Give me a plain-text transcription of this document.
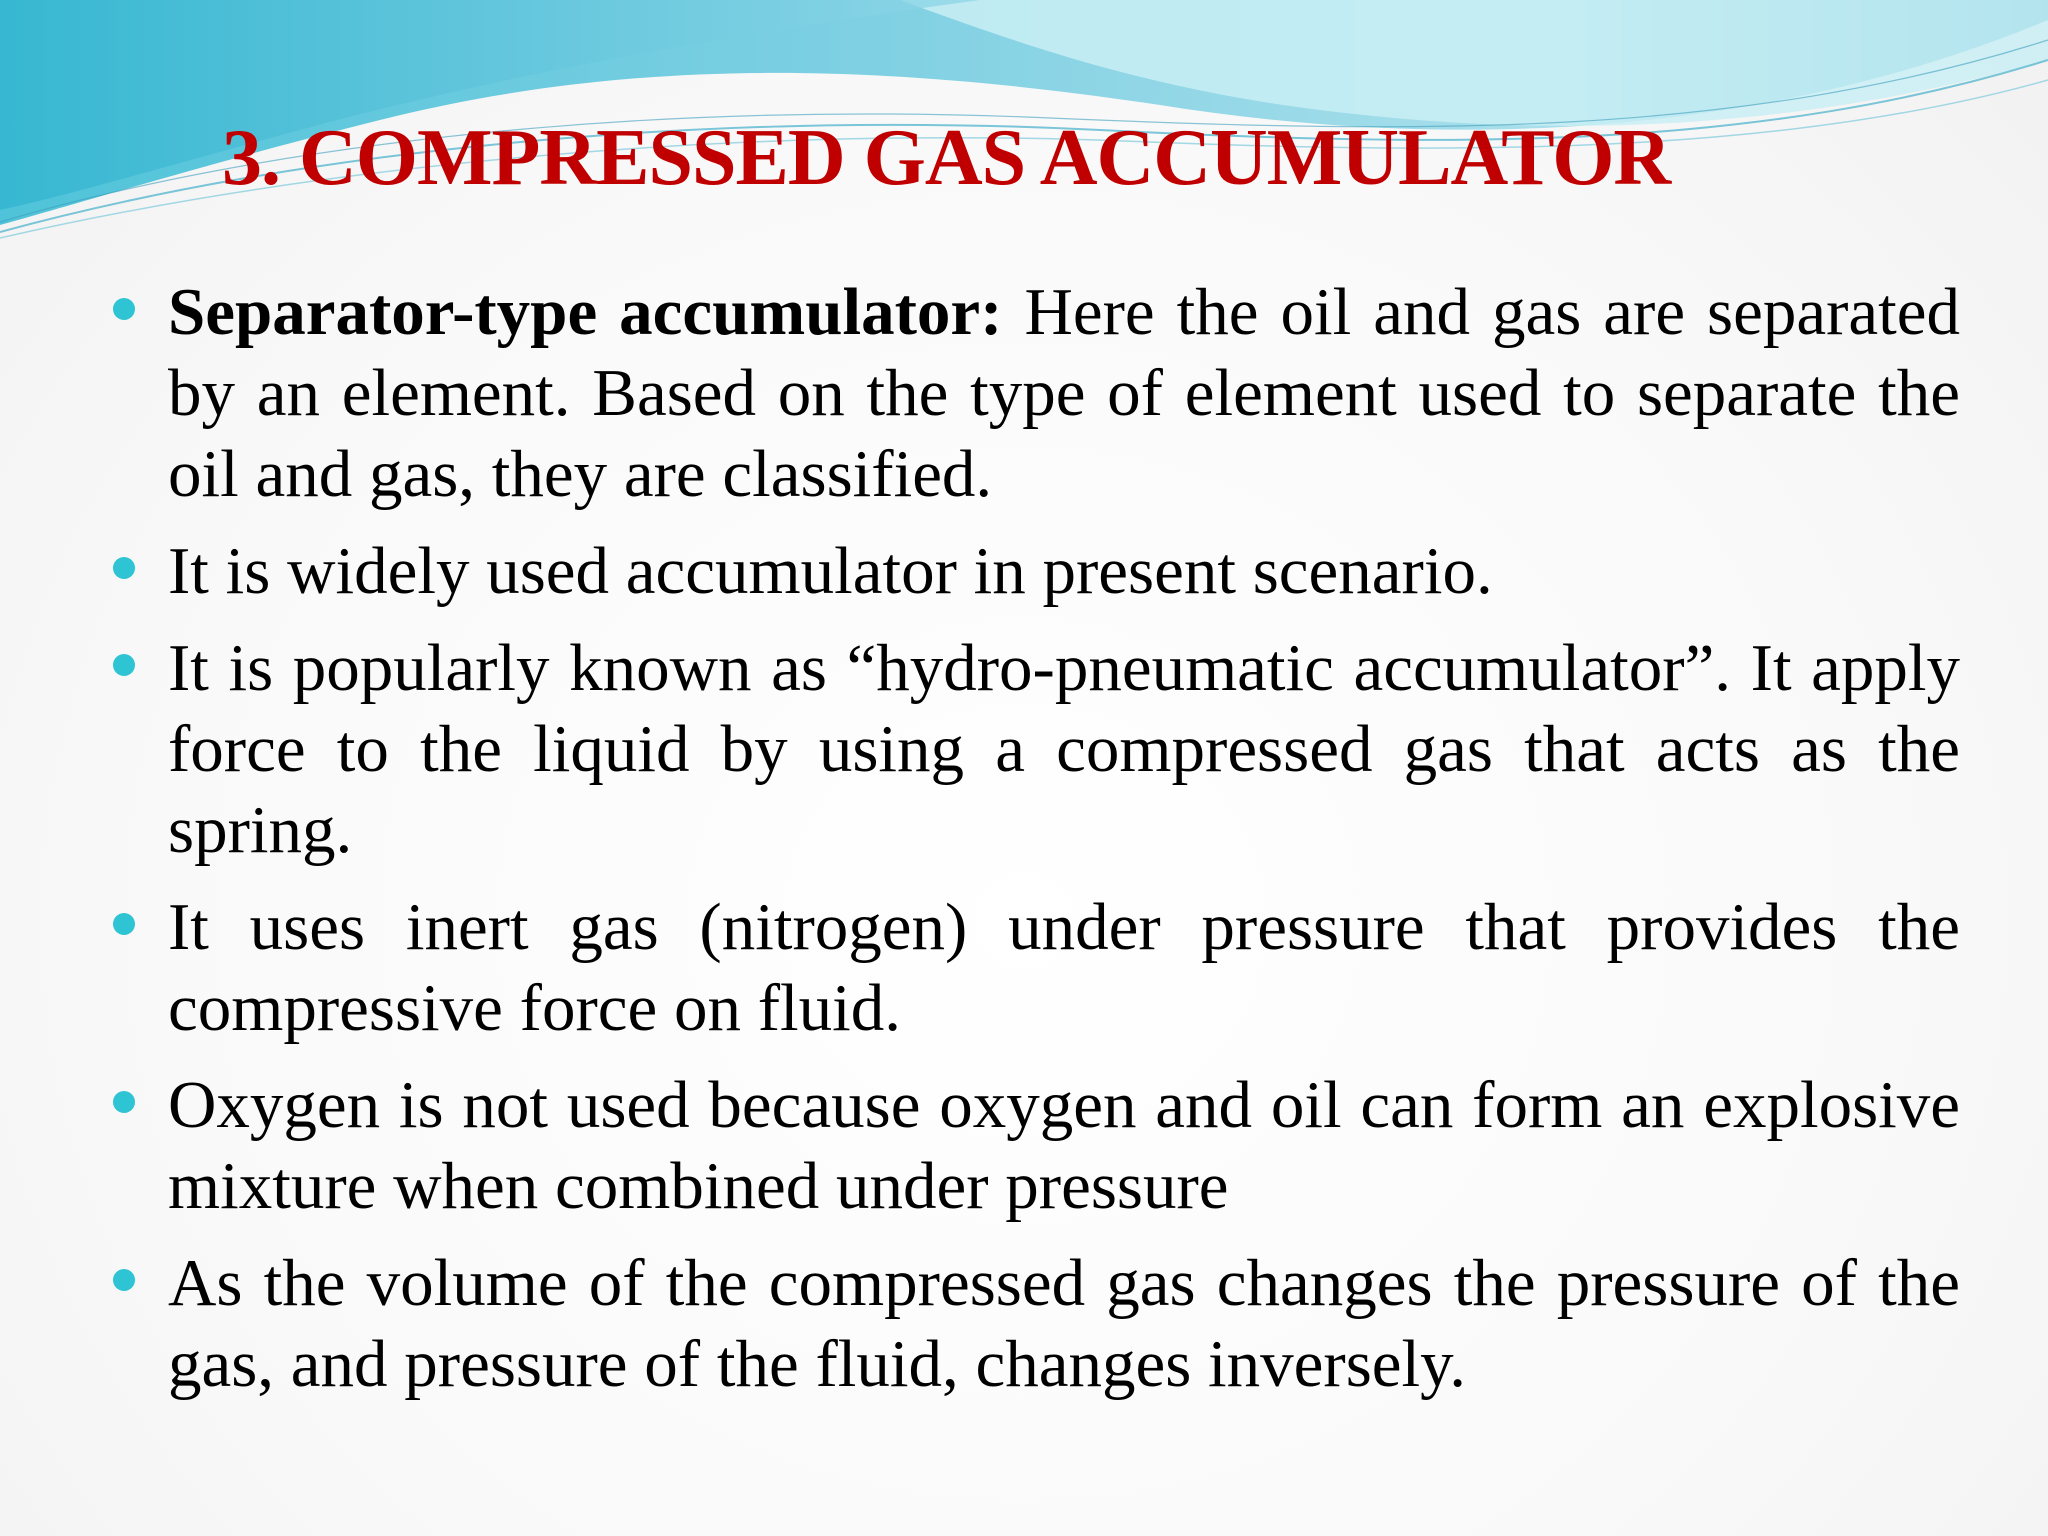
3. COMPRESSED GAS ACCUMULATOR
Separator-type accumulator: Here the oil and gas are separated by an element. Based on the type of element used to separate the oil and gas, they are classified.
It is widely used accumulator in present scenario.
It is popularly known as “hydro-pneumatic accumulator”. It apply force to the liquid by using a compressed gas that acts as the spring.
It uses inert gas (nitrogen) under pressure that provides the compressive force on fluid.
Oxygen is not used because oxygen and oil can form an explosive mixture when combined under pressure
As the volume of the compressed gas changes the pressure of the gas, and pressure of the fluid, changes inversely.
